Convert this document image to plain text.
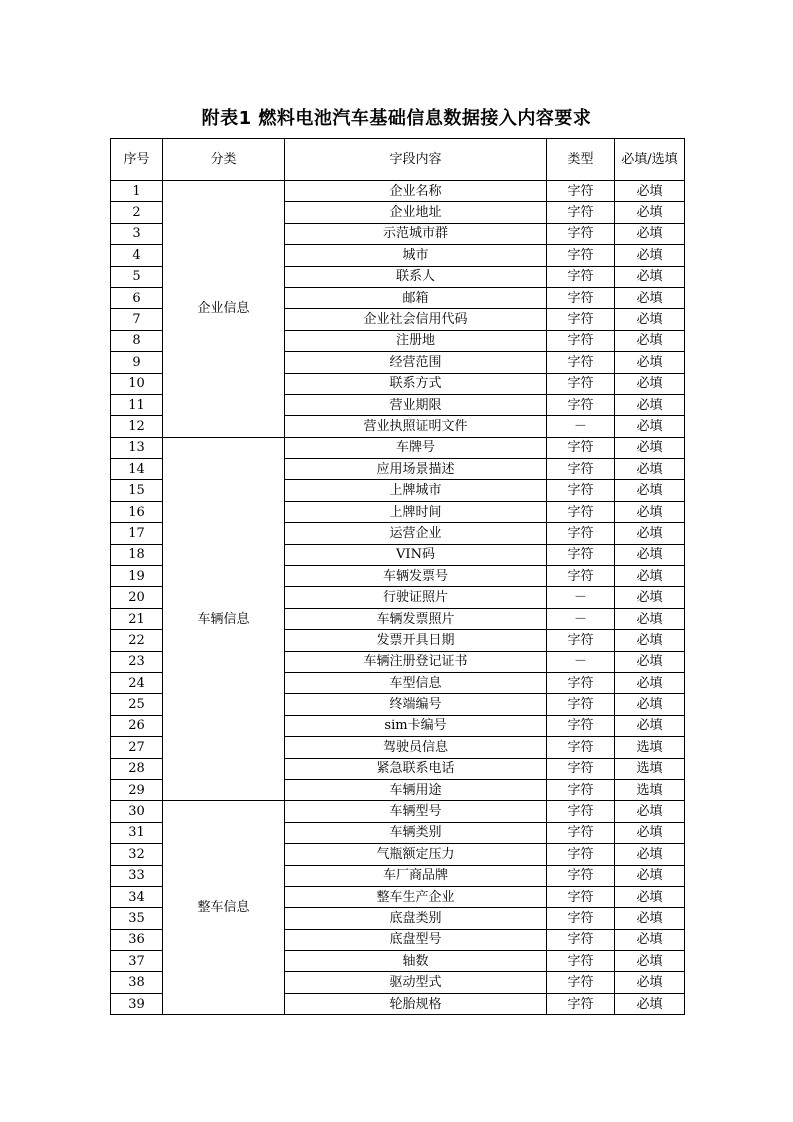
附表1 燃料电池汽车基础信息数据接入内容要求
序号	分类	字段内容	类型	必填/选填
1	企业信息	企业名称	字符	必填
2		企业地址	字符	必填
3		示范城市群	字符	必填
4		城市	字符	必填
5		联系人	字符	必填
6		邮箱	字符	必填
7		企业社会信用代码	字符	必填
8		注册地	字符	必填
9		经营范围	字符	必填
10		联系方式	字符	必填
11		营业期限	字符	必填
12		营业执照证明文件	－	必填
13	车辆信息	车牌号	字符	必填
14		应用场景描述	字符	必填
15		上牌城市	字符	必填
16		上牌时间	字符	必填
17		运营企业	字符	必填
18		VIN码	字符	必填
19		车辆发票号	字符	必填
20		行驶证照片	－	必填
21		车辆发票照片	－	必填
22		发票开具日期	字符	必填
23		车辆注册登记证书	－	必填
24		车型信息	字符	必填
25		终端编号	字符	必填
26		sim卡编号	字符	必填
27		驾驶员信息	字符	选填
28		紧急联系电话	字符	选填
29		车辆用途	字符	选填
30	整车信息	车辆型号	字符	必填
31		车辆类别	字符	必填
32		气瓶额定压力	字符	必填
33		车厂商品牌	字符	必填
34		整车生产企业	字符	必填
35		底盘类别	字符	必填
36		底盘型号	字符	必填
37		轴数	字符	必填
38		驱动型式	字符	必填
39		轮胎规格	字符	必填
